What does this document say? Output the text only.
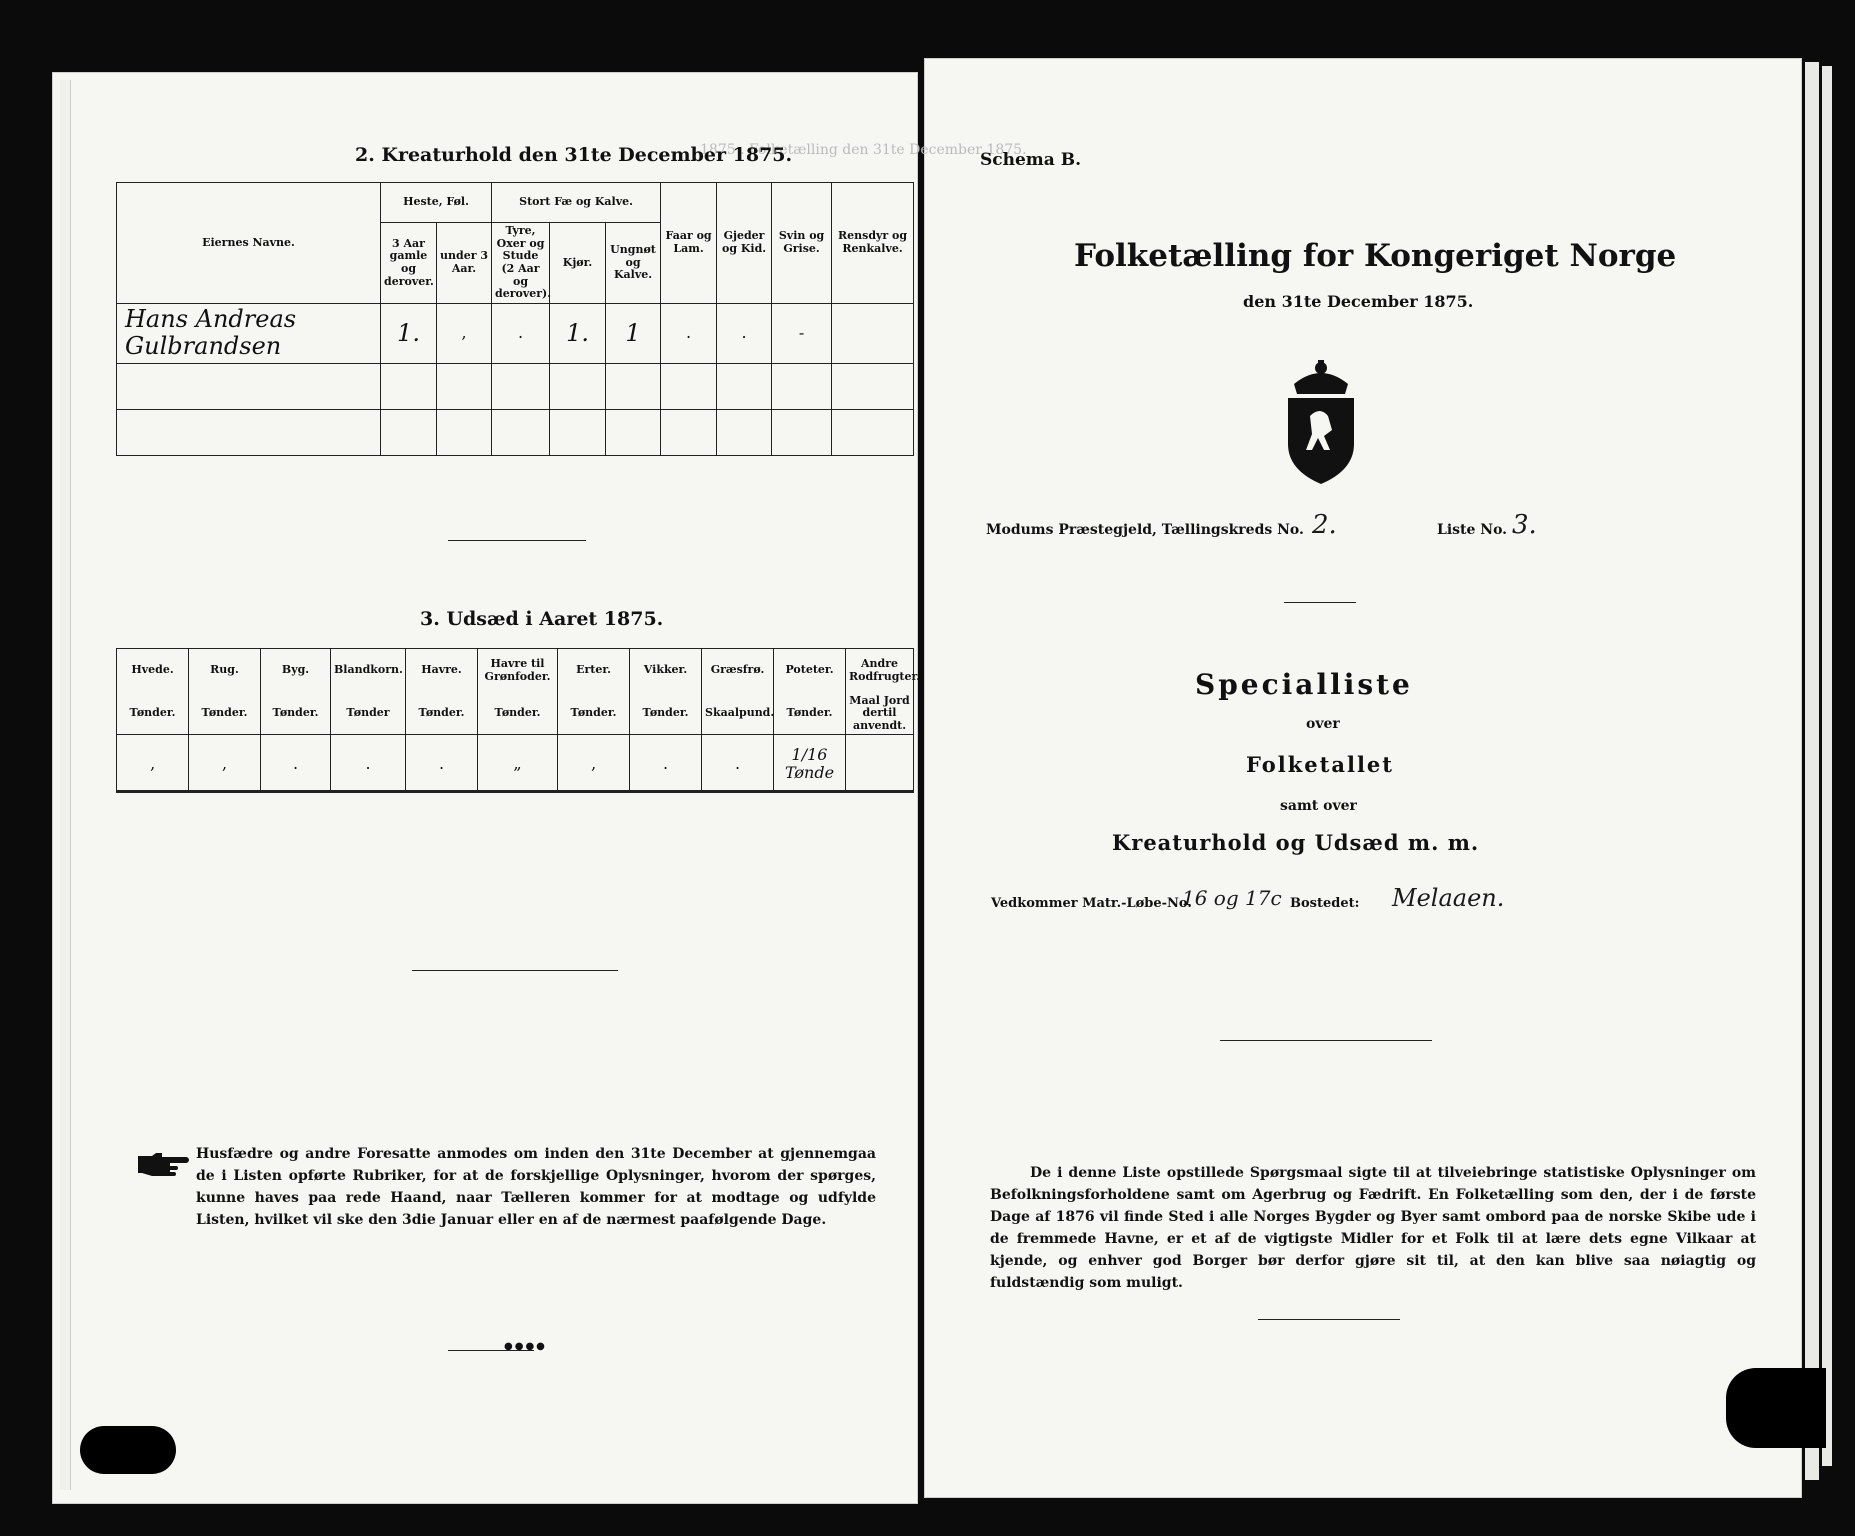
1875 . Folketælling den 31te December 1875.
2. Kreaturhold den 31te December 1875.
Eiernes Navne.	Heste, Føl.		Stort Fæ og Kalve.			Faar og Lam.	Gjeder og Kid.	Svin og Grise.	Rensdyr og Renkalve.
	3 Aar gamle og derover.	under 3 Aar.	Tyre, Oxer og Stude (2 Aar og derover).	Kjør.	Ungnøt og Kalve.				
Hans Andreas Gulbrandsen	1.	,	.	1.	1	.	.	-	

3. Udsæd i Aaret 1875.
Hvede.	Rug.	Byg.	Blandkorn.	Havre.	Havre til Grønfoder.	Erter.	Vikker.	Græsfrø.	Poteter.	Andre Rodfrugter.
Tønder.	Tønder.	Tønder.	Tønder	Tønder.	Tønder.	Tønder.	Tønder.	Skaalpund.	Tønder.	Maal Jord dertil anvendt.
‚	,	.	.	.	„	‚	.	.	1/16 Tønde	
Husfædre og andre Foresatte anmodes om inden den 31te December at gjennemgaa de i Listen opførte Rubriker, for at de forskjellige Oplysninger, hvorom der spørges, kunne haves paa rede Haand, naar Tælleren kommer for at modtage og udfylde Listen, hvilket vil ske den 3die Januar eller en af de nærmest paafølgende Dage.
●●●●
Schema B.
Folketælling for Kongeriget Norge
den 31te December 1875.
Modums Præstegjeld, Tællingskreds No. 2.	Liste No. 3.
Specialliste
over
Folketallet
samt over
Kreaturhold og Udsæd m. m.
Vedkommer Matr.-Løbe-No.
16 og 17c Bostedet: Melaaen.
De i denne Liste opstillede Spørgsmaal sigte til at tilveiebringe statistiske Oplysninger om Befolkningsforholdene samt om Agerbrug og Fædrift. En Folketælling som den, der i de første Dage af 1876 vil finde Sted i alle Norges Bygder og Byer samt ombord paa de norske Skibe ude i de fremmede Havne, er et af de vigtigste Midler for et Folk til at lære dets egne Vilkaar at kjende, og enhver god Borger bør derfor gjøre sit til, at den kan blive saa nøiagtig og fuldstændig som muligt.
